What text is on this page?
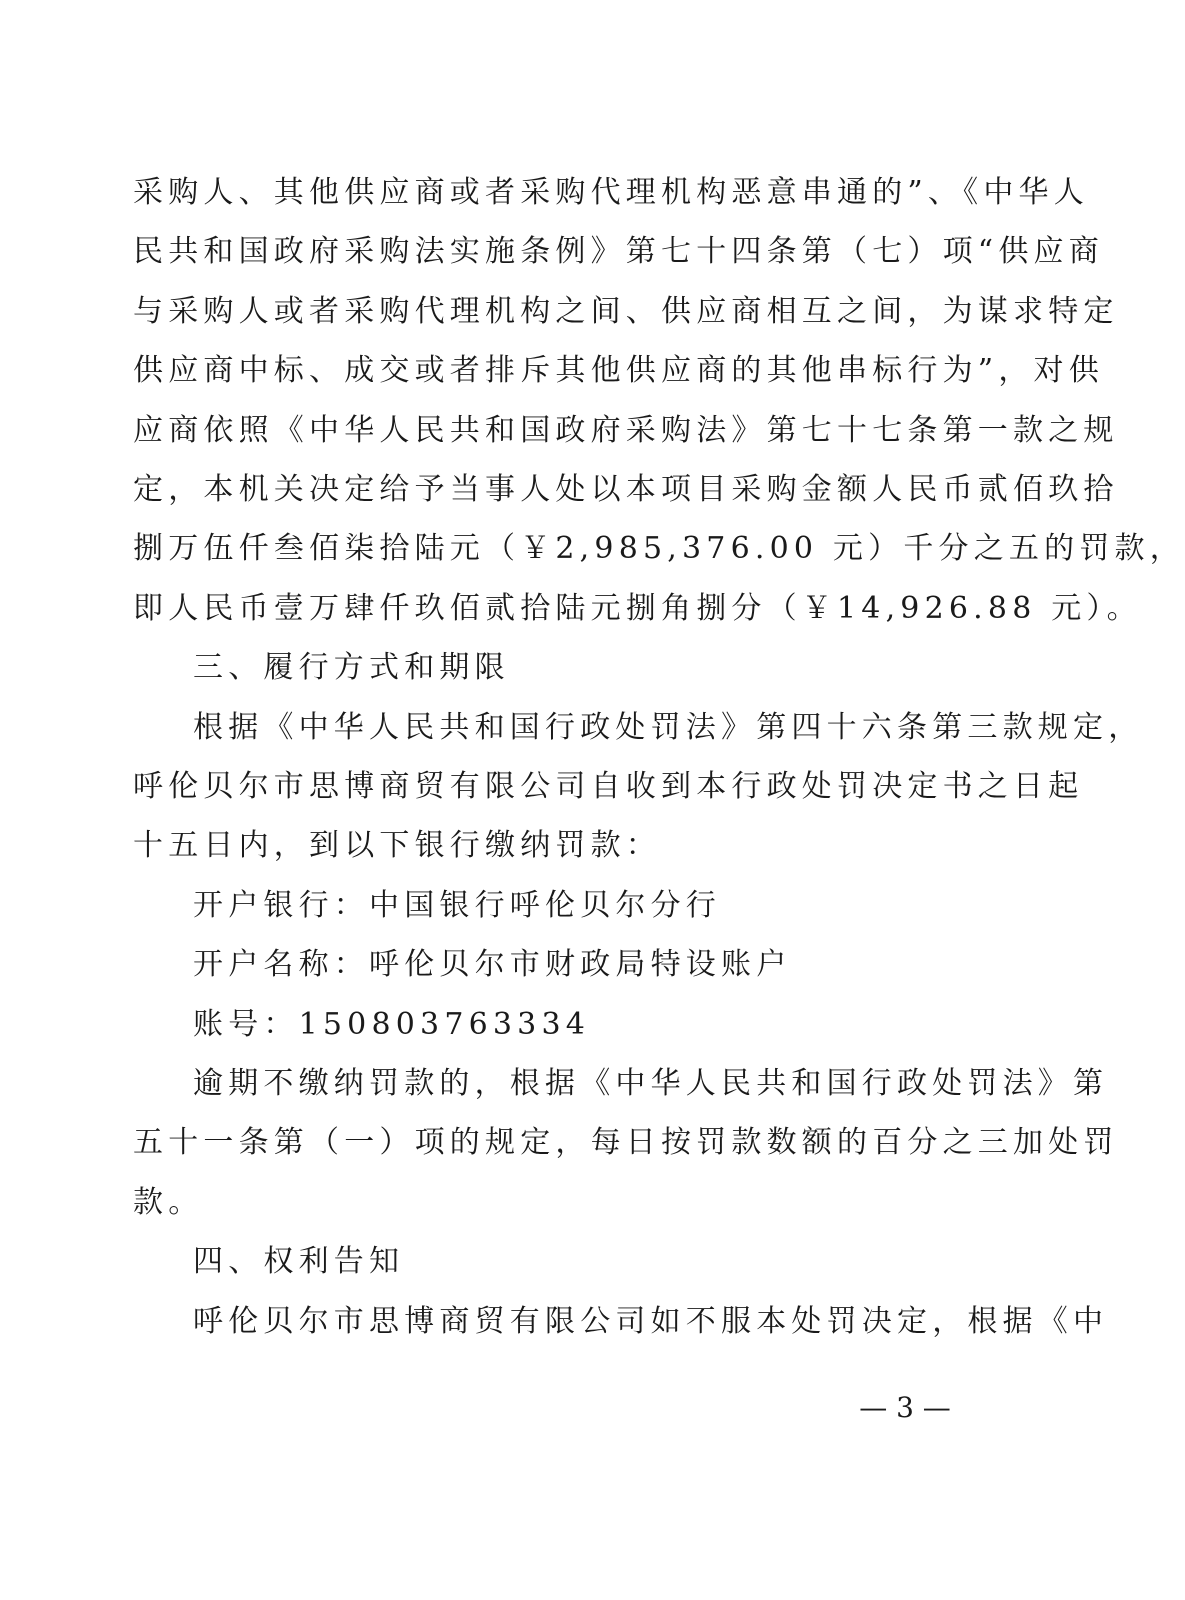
采购人、其他供应商或者采购代理机构恶意串通的”、《中华人
民共和国政府采购法实施条例》第七十四条第（七）项“供应商
与采购人或者采购代理机构之间、供应商相互之间，为谋求特定
供应商中标、成交或者排斥其他供应商的其他串标行为”，对供
应商依照《中华人民共和国政府采购法》第七十七条第一款之规
定，本机关决定给予当事人处以本项目采购金额人民币贰佰玖拾
捌万伍仟叁佰柒拾陆元（￥2,985,376.00 元）千分之五的罚款，
即人民币壹万肆仟玖佰贰拾陆元捌角捌分（￥14,926.88 元）。
三、履行方式和期限
根据《中华人民共和国行政处罚法》第四十六条第三款规定，
呼伦贝尔市思博商贸有限公司自收到本行政处罚决定书之日起
十五日内，到以下银行缴纳罚款：
开户银行：中国银行呼伦贝尔分行
开户名称：呼伦贝尔市财政局特设账户
账号：150803763334
逾期不缴纳罚款的，根据《中华人民共和国行政处罚法》第
五十一条第（一）项的规定，每日按罚款数额的百分之三加处罚
款。
四、权利告知
呼伦贝尔市思博商贸有限公司如不服本处罚决定，根据《中
— 3 —
